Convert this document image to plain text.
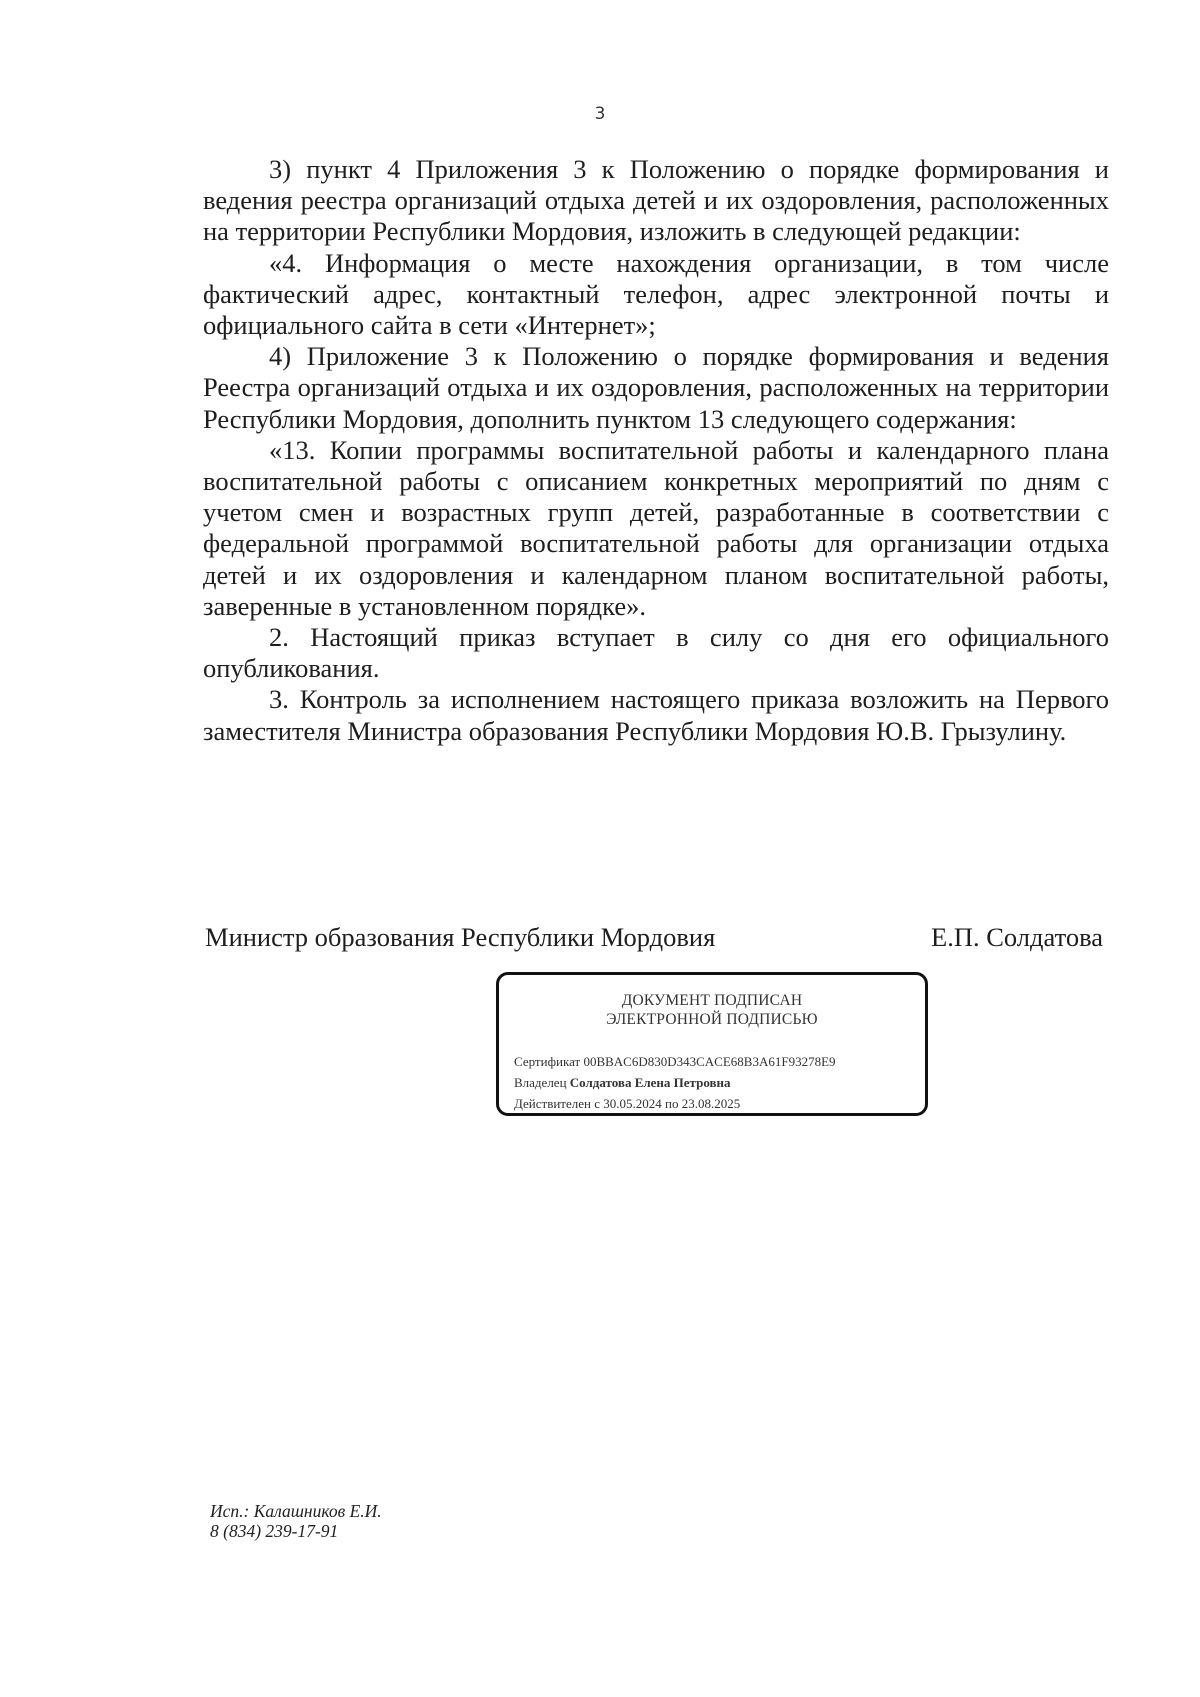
3

3) пункт 4 Приложения 3 к Положению о порядке формирования и ведения реестра организаций отдыха детей и их оздоровления, расположенных на территории Республики Мордовия, изложить в следующей редакции:

«4. Информация о месте нахождения организации, в том числе фактический адрес, контактный телефон, адрес электронной почты и официального сайта в сети «Интернет»;

4) Приложение 3 к Положению о порядке формирования и ведения Реестра организаций отдыха и их оздоровления, расположенных на территории Республики Мордовия, дополнить пунктом 13 следующего содержания:

«13. Копии программы воспитательной работы и календарного плана воспитательной работы с описанием конкретных мероприятий по дням с учетом смен и возрастных групп детей, разработанные в соответствии с федеральной программой воспитательной работы для организации отдыха детей и их оздоровления и календарном планом воспитательной работы, заверенные в установленном порядке».

2. Настоящий приказ вступает в силу со дня его официального опубликования.

3. Контроль за исполнением настоящего приказа возложить на Первого заместителя Министра образования Республики Мордовия Ю.В. Грызулину.

Министр образования Республики Мордовия	Е.П. Солдатова
ДОКУМЕНТ ПОДПИСАН
ЭЛЕКТРОННОЙ ПОДПИСЬЮ
Сертификат 00BBAC6D830D343CACE68B3A61F93278E9
Владелец Солдатова Елена Петровна
Действителен с 30.05.2024 по 23.08.2025
Исп.: Калашников Е.И.
8 (834) 239-17-91
